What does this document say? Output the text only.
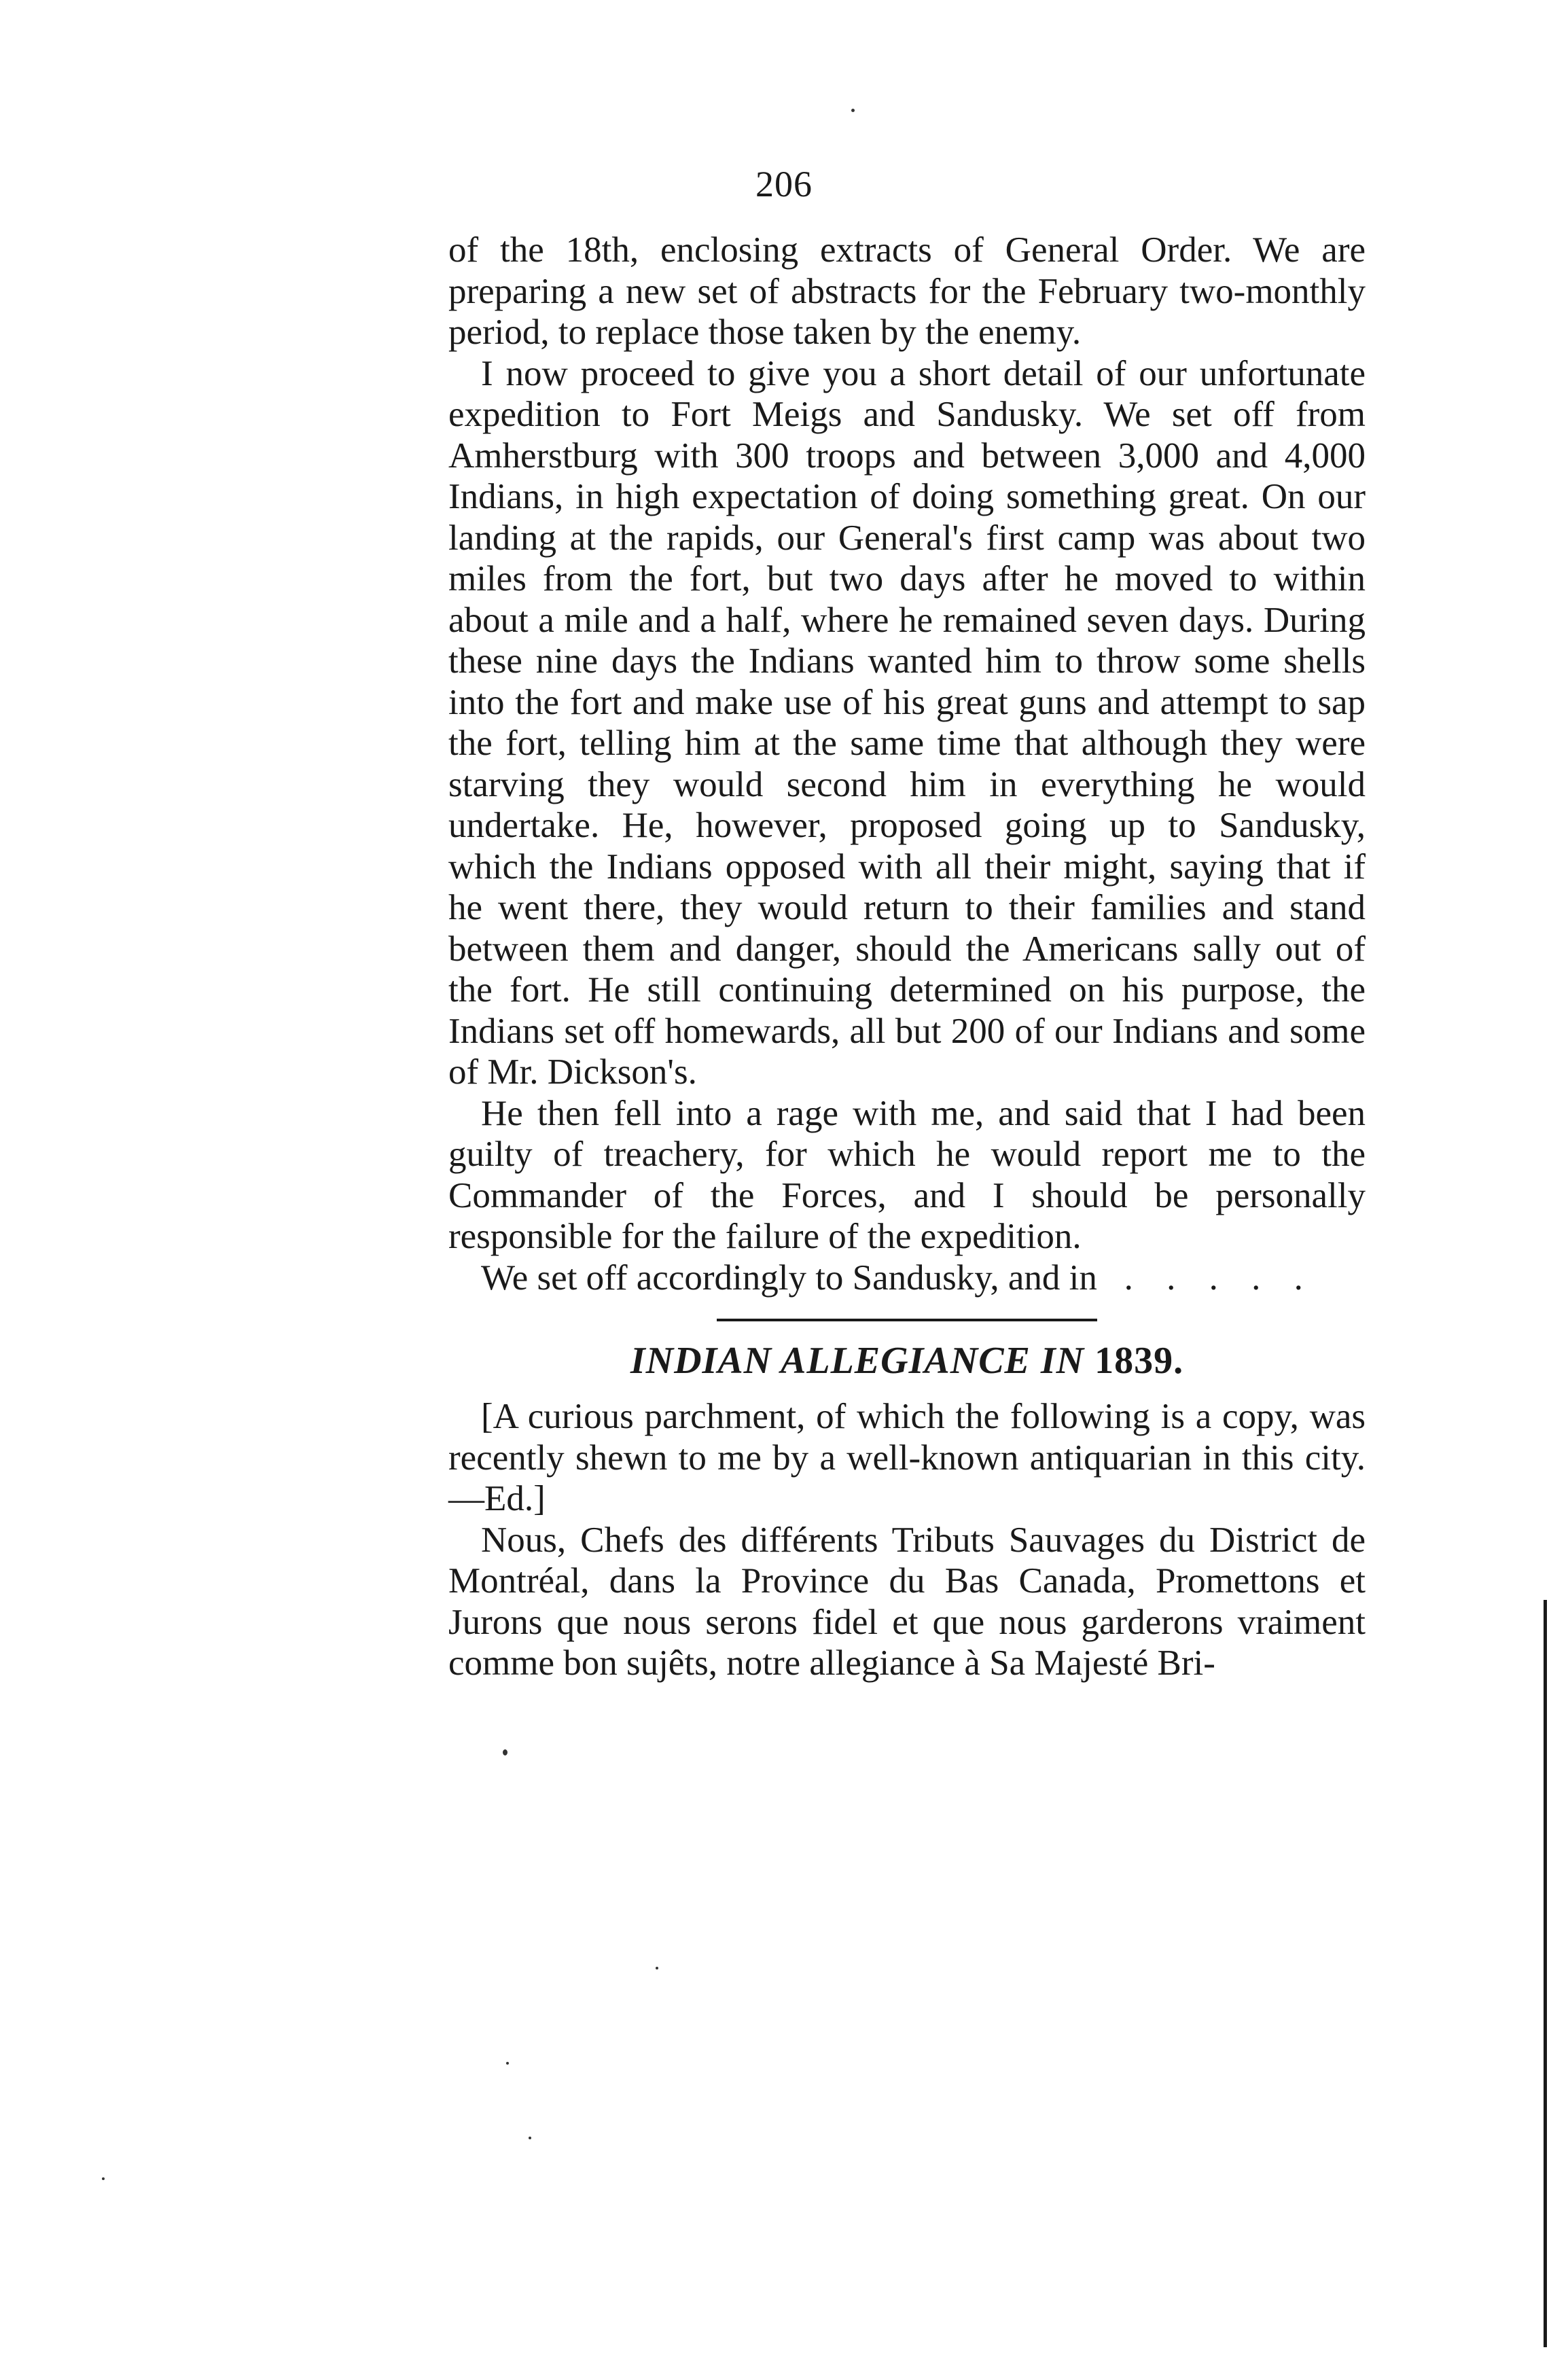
206

of the 18th, enclosing extracts of General Order. We are preparing a new set of abstracts for the February two-monthly period, to replace those taken by the enemy.

I now proceed to give you a short detail of our unfortunate expedition to Fort Meigs and Sandusky. We set off from Amherstburg with 300 troops and between 3,000 and 4,000 Indians, in high expectation of doing something great. On our landing at the rapids, our General's first camp was about two miles from the fort, but two days after he moved to within about a mile and a half, where he remained seven days. During these nine days the Indians wanted him to throw some shells into the fort and make use of his great guns and attempt to sap the fort, telling him at the same time that although they were starving they would second him in everything he would undertake. He, however, proposed going up to Sandusky, which the Indians opposed with all their might, saying that if he went there, they would return to their families and stand between them and danger, should the Americans sally out of the fort. He still continuing determined on his purpose, the Indians set off homewards, all but 200 of our Indians and some of Mr. Dickson's.

He then fell into a rage with me, and said that I had been guilty of treachery, for which he would report me to the Commander of the Forces, and I should be personally responsible for the failure of the expedition.

We set off accordingly to Sandusky, and in . . . . .

INDIAN ALLEGIANCE IN 1839.

[A curious parchment, of which the following is a copy, was recently shewn to me by a well-known antiquarian in this city.—Ed.]

Nous, Chefs des différents Tributs Sauvages du District de Montréal, dans la Province du Bas Canada, Promettons et Jurons que nous serons fidel et que nous garderons vraiment comme bon sujêts, notre allegiance à Sa Majesté Bri-
